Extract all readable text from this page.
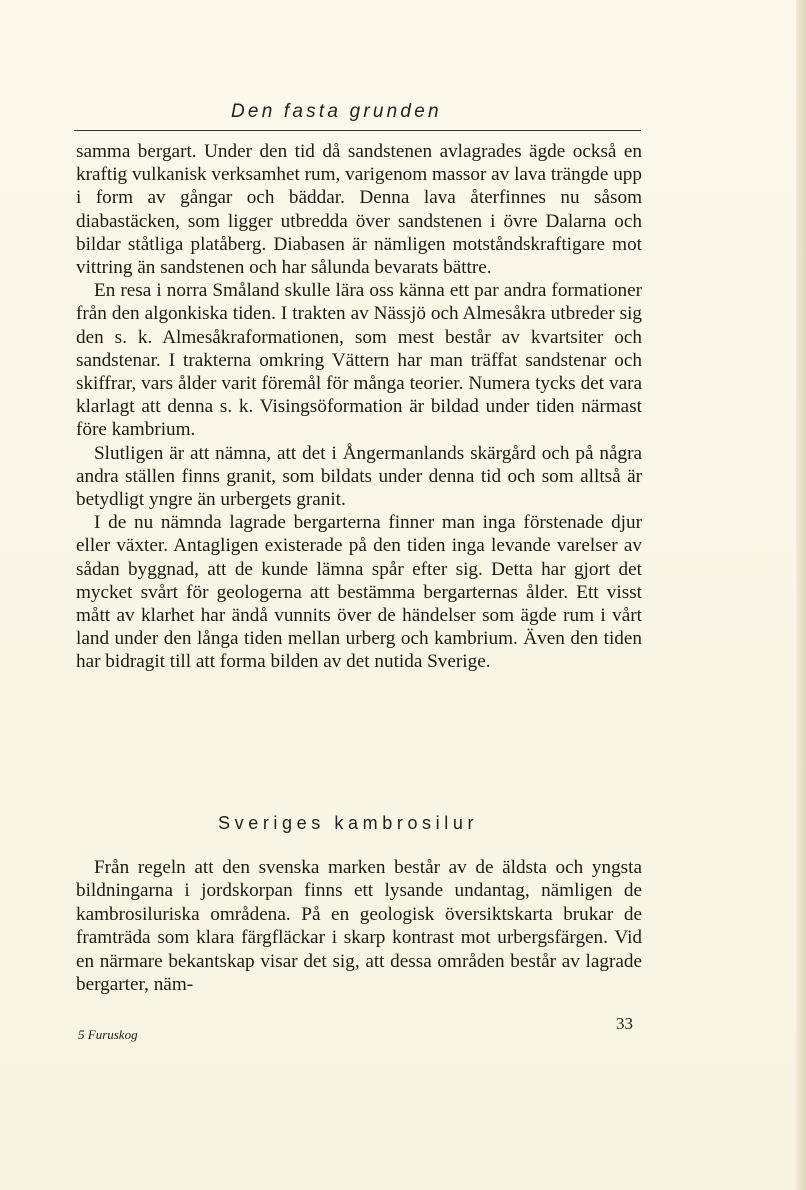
Den fasta grunden

samma bergart. Under den tid då sandstenen avlagrades ägde också en kraftig vulkanisk verksamhet rum, varigenom massor av lava trängde upp i form av gångar och bäddar. Denna lava återfinnes nu såsom diabastäcken, som ligger utbredda över sandstenen i övre Dalarna och bildar ståtliga platåberg. Diabasen är nämligen motståndskraftigare mot vittring än sandstenen och har sålunda bevarats bättre.

En resa i norra Småland skulle lära oss känna ett par andra formationer från den algonkiska tiden. I trakten av Nässjö och Almesåkra utbreder sig den s. k. Almesåkraformationen, som mest består av kvartsiter och sandstenar. I trakterna omkring Vättern har man träffat sandstenar och skiffrar, vars ålder varit föremål för många teorier. Numera tycks det vara klarlagt att denna s. k. Visingsöformation är bildad under tiden närmast före kambrium.

Slutligen är att nämna, att det i Ångermanlands skärgård och på några andra ställen finns granit, som bildats under denna tid och som alltså är betydligt yngre än urbergets granit.

I de nu nämnda lagrade bergarterna finner man inga förstenade djur eller växter. Antagligen existerade på den tiden inga levande varelser av sådan byggnad, att de kunde lämna spår efter sig. Detta har gjort det mycket svårt för geologerna att bestämma bergarternas ålder. Ett visst mått av klarhet har ändå vunnits över de händelser som ägde rum i vårt land under den långa tiden mellan urberg och kambrium. Även den tiden har bidragit till att forma bilden av det nutida Sverige.

Sveriges kambrosilur

Från regeln att den svenska marken består av de äldsta och yngsta bildningarna i jordskorpan finns ett lysande undantag, nämligen de kambrosiluriska områdena. På en geologisk översiktskarta brukar de framträda som klara färgfläckar i skarp kontrast mot urbergsfärgen. Vid en närmare bekantskap visar det sig, att dessa områden består av lagrade bergarter, näm-

5 Furuskog
33
